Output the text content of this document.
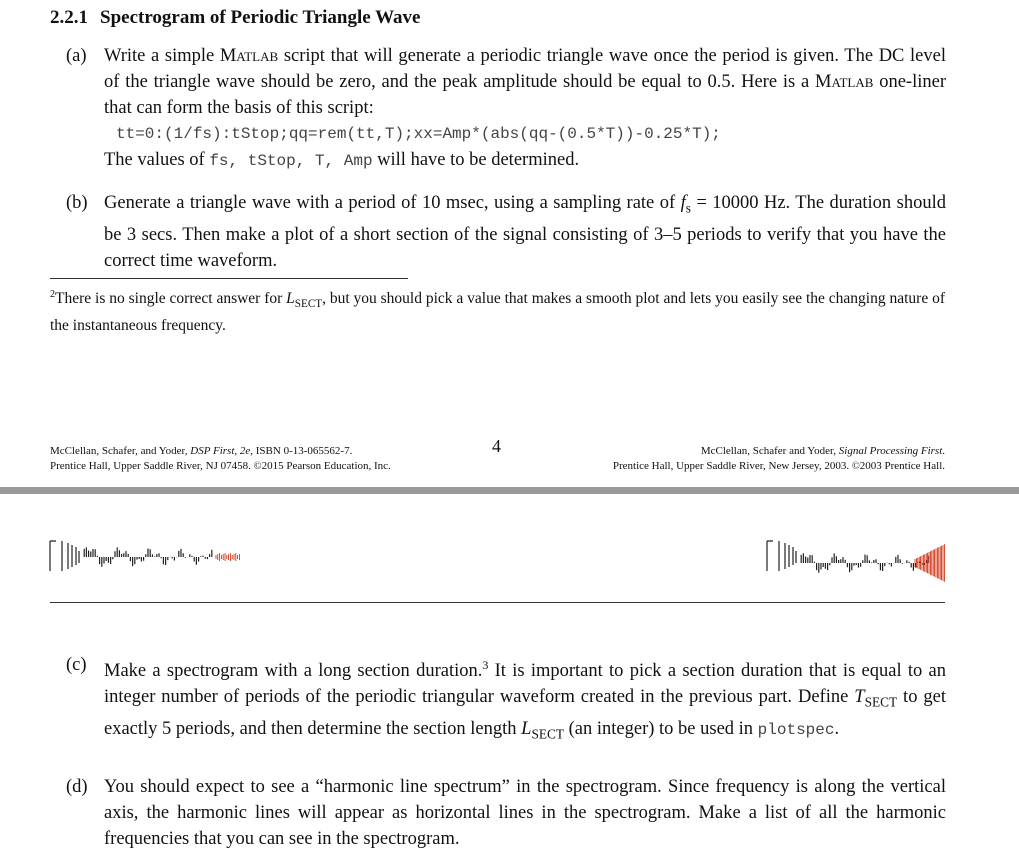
2.2.1 Spectrogram of Periodic Triangle Wave
(a) Write a simple Matlab script that will generate a periodic triangle wave once the period is given. The DC level of the triangle wave should be zero, and the peak amplitude should be equal to 0.5. Here is a Matlab one-liner that can form the basis of this script:
tt=0:(1/fs):tStop;qq=rem(tt,T);xx=Amp*(abs(qq-(0.5*T))-0.25*T);
The values of fs, tStop, T, Amp will have to be determined.
(b) Generate a triangle wave with a period of 10 msec, using a sampling rate of $f_s = 10000$ Hz. The duration should be 3 secs. Then make a plot of a short section of the signal consisting of 3–5 periods to verify that you have the correct time waveform.
$^2$There is no single correct answer for $L_{SECT}$, but you should pick a value that makes a smooth plot and lets you easily see the changing nature of the instantaneous frequency.
McClellan, Schafer, and Yoder, DSP First, 2e, ISBN 0-13-065562-7.
Prentice Hall, Upper Saddle River, NJ 07458. ©2015 Pearson Education, Inc.
4	McClellan, Schafer and Yoder, Signal Processing First.
Prentice Hall, Upper Saddle River, New Jersey, 2003. ©2003 Prentice Hall.
(c) Make a spectrogram with a long section duration.$^3$ It is important to pick a section duration that is equal to an integer number of periods of the periodic triangular waveform created in the previous part. Define $T_{SECT}$ to get exactly 5 periods, and then determine the section length $L_{SECT}$ (an integer) to be used in plotspec.
(d) You should expect to see a “harmonic line spectrum” in the spectrogram. Since frequency is along the vertical axis, the harmonic lines will appear as horizontal lines in the spectrogram. Make a list of all the harmonic frequencies that you can see in the spectrogram.
